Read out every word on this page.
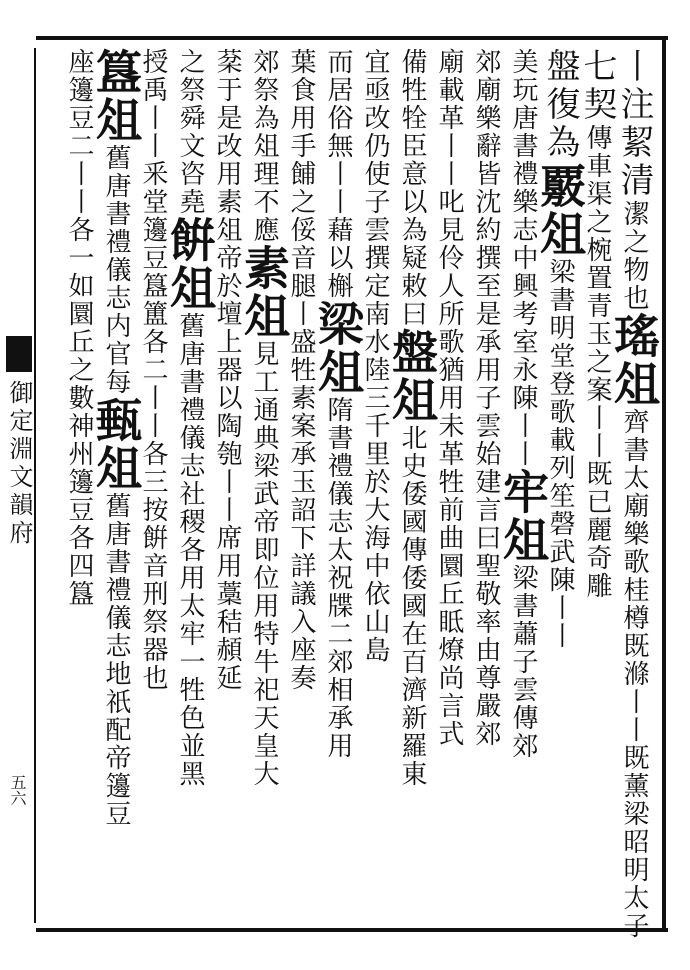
御定淵文韻府
五六
丨注絜清潔之物也瑤俎齊書太廟樂歌桂樽既滌丨丨既薰梁昭明太子
七契傳車渠之椀置青玉之案丨丨既已麗奇雕
盤復為覈俎梁書明堂登歌載列笙磬武陳丨丨
美玩唐書禮樂志中興考室永陳丨丨牢俎梁書蕭子雲傳郊
郊廟樂辭皆沈約撰至是承用子雲始建言曰聖敬率由尊嚴郊
廟載革丨丨叱見伶人所歌猶用未革牲前曲圜丘眡燎尚言式
備牲牷臣意以為疑敕曰盤俎北史倭國傳倭國在百濟新羅東
宜亟改仍使子雲撰定南水陸三千里於大海中依山島
而居俗無丨丨藉以槲梁俎隋書禮儀志太祝牒二郊相承用
葉食用手餔之俀音腿丨盛牲素案承玉詔下詳議入座奏
郊祭為俎理不應素俎見工通典梁武帝即位用特牛祀天皇大
棻于是改用素俎帝於壇上器以陶匏丨丨席用藁秸頳延
之祭舜文咨堯餠俎舊唐書禮儀志社稷各用太牢一牲色並黑
授禹丨丨釆堂籩豆簋簠各二丨丨各三按餠音刑祭器也
簋俎舊唐書禮儀志内官每甀俎舊唐書禮儀志地祇配帝籩豆
座籩豆二丨丨各一如圜丘之數神州籩豆各四簋
